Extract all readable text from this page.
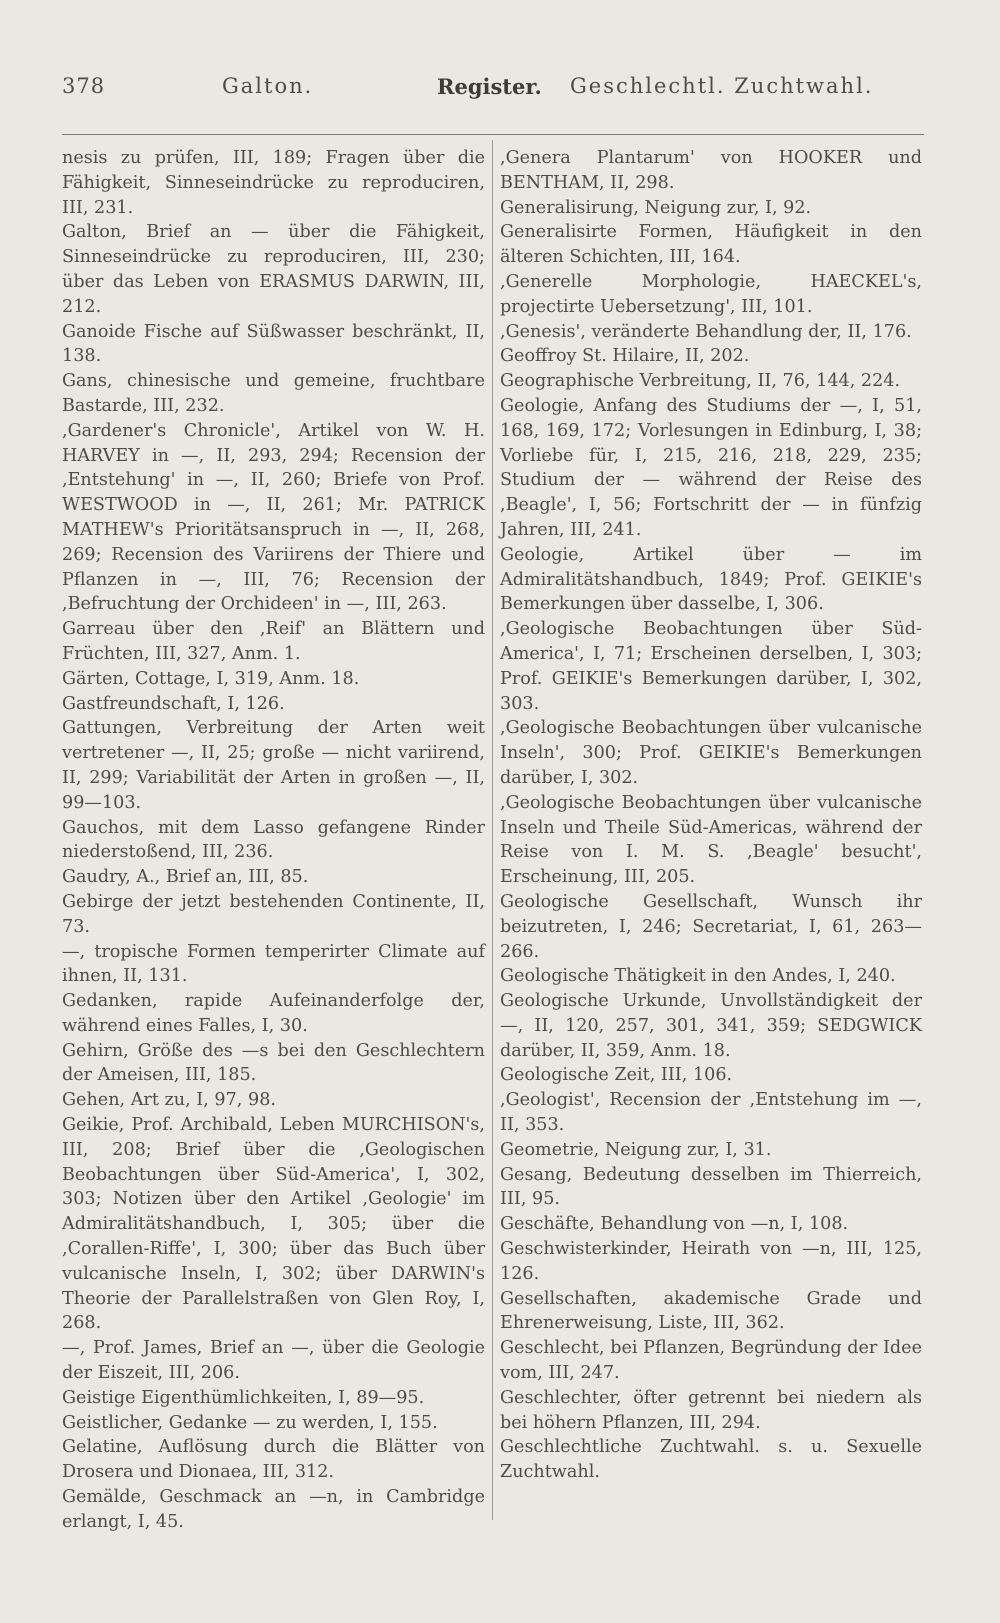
378	Galton.	Register. Geschlechtl. Zuchtwahl.

nesis zu prüfen, III, 189; Fragen über die Fähigkeit, Sinneseindrücke zu reproduciren, III, 231.

Galton, Brief an — über die Fähigkeit, Sinneseindrücke zu reproduciren, III, 230; über das Leben von ERASMUS DARWIN, III, 212.

Ganoide Fische auf Süßwasser beschränkt, II, 138.

Gans, chinesische und gemeine, fruchtbare Bastarde, III, 232.

,Gardener's Chronicle', Artikel von W. H. HARVEY in —, II, 293, 294; Recension der ,Entstehung' in —, II, 260; Briefe von Prof. WESTWOOD in —, II, 261; Mr. PATRICK MATHEW's Prioritätsanspruch in —, II, 268, 269; Recension des Variirens der Thiere und Pflanzen in —, III, 76; Recension der ,Befruchtung der Orchideen' in —, III, 263.

Garreau über den ,Reif' an Blättern und Früchten, III, 327, Anm. 1.

Gärten, Cottage, I, 319, Anm. 18.

Gastfreundschaft, I, 126.

Gattungen, Verbreitung der Arten weit vertretener —, II, 25; große — nicht variirend, II, 299; Variabilität der Arten in großen —, II, 99—103.

Gauchos, mit dem Lasso gefangene Rinder niederstoßend, III, 236.

Gaudry, A., Brief an, III, 85.

Gebirge der jetzt bestehenden Continente, II, 73.

—, tropische Formen temperirter Climate auf ihnen, II, 131.

Gedanken, rapide Aufeinanderfolge der, während eines Falles, I, 30.

Gehirn, Größe des —s bei den Geschlechtern der Ameisen, III, 185.

Gehen, Art zu, I, 97, 98.

Geikie, Prof. Archibald, Leben MURCHISON's, III, 208; Brief über die ,Geologischen Beobachtungen über Süd-America', I, 302, 303; Notizen über den Artikel ,Geologie' im Admiralitätshandbuch, I, 305; über die ,Corallen-Riffe', I, 300; über das Buch über vulcanische Inseln, I, 302; über DARWIN's Theorie der Parallelstraßen von Glen Roy, I, 268.

—, Prof. James, Brief an —, über die Geologie der Eiszeit, III, 206.

Geistige Eigenthümlichkeiten, I, 89—95.

Geistlicher, Gedanke — zu werden, I, 155.

Gelatine, Auflösung durch die Blätter von Drosera und Dionaea, III, 312.

Gemälde, Geschmack an —n, in Cambridge erlangt, I, 45.

,Genera Plantarum' von HOOKER und BENTHAM, II, 298.

Generalisirung, Neigung zur, I, 92.

Generalisirte Formen, Häufigkeit in den älteren Schichten, III, 164.

,Generelle Morphologie, HAECKEL's, projectirte Uebersetzung', III, 101.

,Genesis', veränderte Behandlung der, II, 176.

Geoffroy St. Hilaire, II, 202.

Geographische Verbreitung, II, 76, 144, 224.

Geologie, Anfang des Studiums der —, I, 51, 168, 169, 172; Vorlesungen in Edinburg, I, 38; Vorliebe für, I, 215, 216, 218, 229, 235; Studium der — während der Reise des ,Beagle', I, 56; Fortschritt der — in fünfzig Jahren, III, 241.

Geologie, Artikel über — im Admiralitätshandbuch, 1849; Prof. GEIKIE's Bemerkungen über dasselbe, I, 306.

,Geologische Beobachtungen über Süd-America', I, 71; Erscheinen derselben, I, 303; Prof. GEIKIE's Bemerkungen darüber, I, 302, 303.

,Geologische Beobachtungen über vulcanische Inseln', 300; Prof. GEIKIE's Bemerkungen darüber, I, 302.

,Geologische Beobachtungen über vulcanische Inseln und Theile Süd-Americas, während der Reise von I. M. S. ,Beagle' besucht', Erscheinung, III, 205.

Geologische Gesellschaft, Wunsch ihr beizutreten, I, 246; Secretariat, I, 61, 263—266.

Geologische Thätigkeit in den Andes, I, 240.

Geologische Urkunde, Unvollständigkeit der —, II, 120, 257, 301, 341, 359; SEDGWICK darüber, II, 359, Anm. 18.

Geologische Zeit, III, 106.

,Geologist', Recension der ,Entstehung im —, II, 353.

Geometrie, Neigung zur, I, 31.

Gesang, Bedeutung desselben im Thierreich, III, 95.

Geschäfte, Behandlung von —n, I, 108.

Geschwisterkinder, Heirath von —n, III, 125, 126.

Gesellschaften, akademische Grade und Ehrenerweisung, Liste, III, 362.

Geschlecht, bei Pflanzen, Begründung der Idee vom, III, 247.

Geschlechter, öfter getrennt bei niedern als bei höhern Pflanzen, III, 294.

Geschlechtliche Zuchtwahl. s. u. Sexuelle Zuchtwahl.
